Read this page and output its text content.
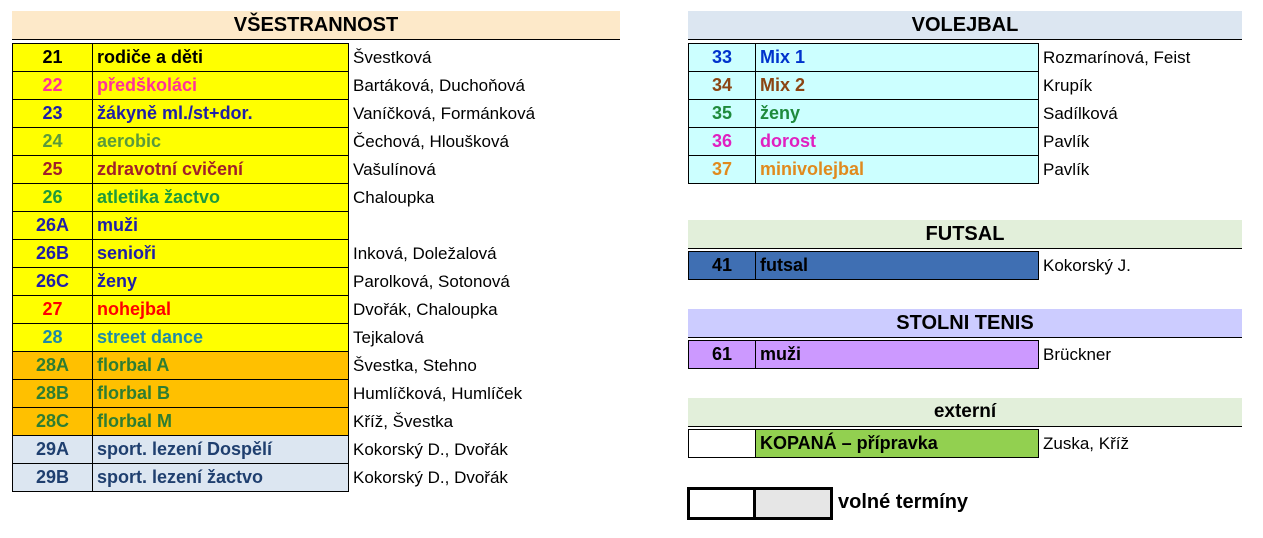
VŠESTRANNOST
21	rodiče a děti	Švestková
22	předškoláci	Bartáková, Duchoňová
23	žákyně ml./st+dor.	Vaníčková, Formánková
24	aerobic	Čechová, Hloušková
25	zdravotní cvičení	Vašulínová
26	atletika žactvo	Chaloupka
26A	muži	
26B	senioři	Inková, Doležalová
26C	ženy	Parolková, Sotonová
27	nohejbal	Dvořák, Chaloupka
28	street dance	Tejkalová
28A	florbal A	Švestka, Stehno
28B	florbal B	Humlíčková, Humlíček
28C	florbal M	Kříž, Švestka
29A	sport. lezení Dospělí	Kokorský D., Dvořák
29B	sport. lezení žactvo	Kokorský D., Dvořák
VOLEJBAL
33	Mix 1	Rozmarínová, Feist
34	Mix 2	Krupík
35	ženy	Sadílková
36	dorost	Pavlík
37	minivolejbal	Pavlík
FUTSAL
41	futsal	Kokorský J.
STOLNI TENIS
61	muži	Brückner
externí
	KOPANÁ – přípravka	Zuska, Kříž
volné termíny
